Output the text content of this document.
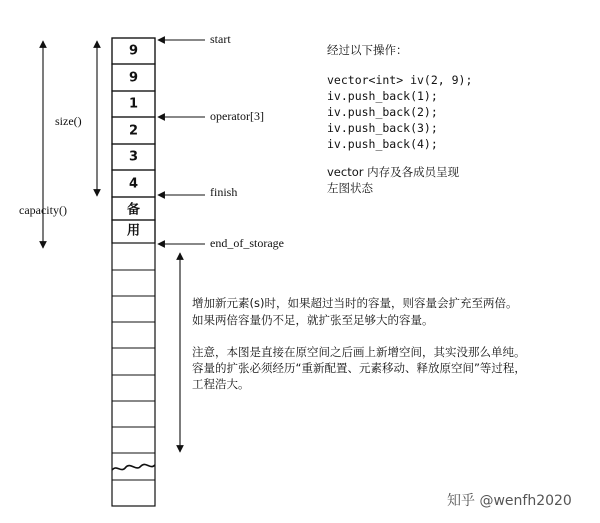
9
9
1
2
3
4
备
用
size()
capacity()
start
operator[3]
finish
end_of_storage
经过以下操作：
vector<int> iv(2, 9);
iv.push_back(1);
iv.push_back(2);
iv.push_back(3);
iv.push_back(4);
vector 内存及各成员呈现
左图状态
增加新元素(s)时，如果超过当时的容量，则容量会扩充至两倍。
如果两倍容量仍不足，就扩张至足够大的容量。
注意，本图是直接在原空间之后画上新增空间，其实没那么单纯。
容量的扩张必须经历“重新配置、元素移动、释放原空间”等过程，
工程浩大。
知乎 @wenfh2020
